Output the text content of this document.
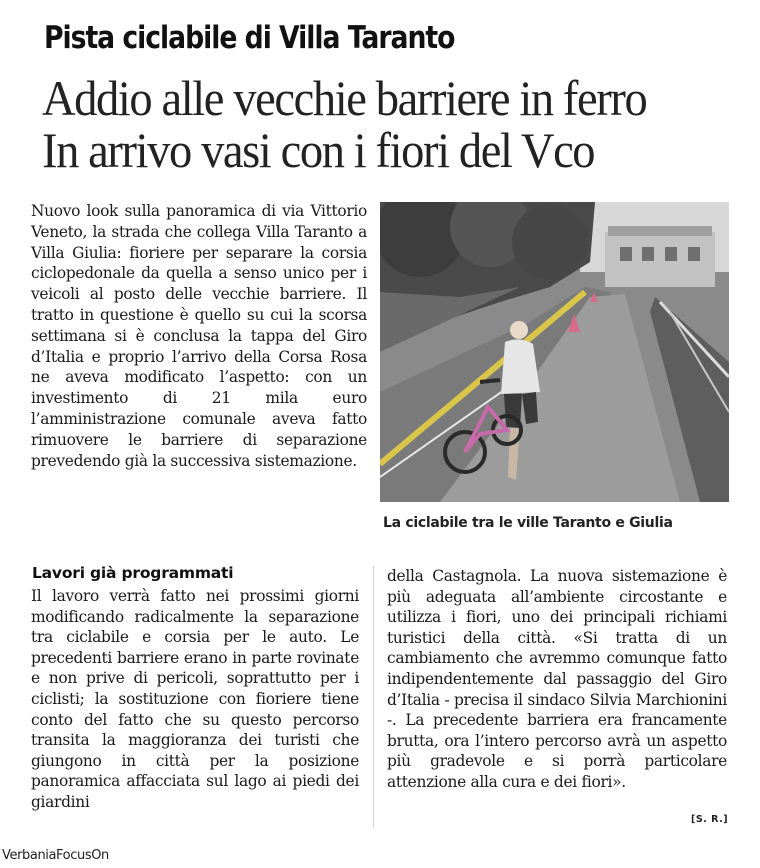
Pista ciclabile di Villa Taranto
Addio alle vecchie barriere in ferro
In arrivo vasi con i fiori del Vco

Nuovo look sulla panoramica di via Vittorio Veneto, la strada che collega Villa Taranto a Villa Giulia: fioriere per separare la corsia ciclopedonale da quella a senso unico per i veicoli al posto delle vecchie barriere. Il tratto in questione è quello su cui la scorsa settimana si è conclusa la tappa del Giro d’Italia e proprio l’arrivo della Corsa Rosa ne aveva modificato l’aspetto: con un investimento di 21 mila euro l’amministrazione comunale aveva fatto rimuovere le barriere di separazione prevedendo già la successiva sistemazione.

La ciclabile tra le ville Taranto e Giulia
Lavori già programmati

Il lavoro verrà fatto nei prossimi giorni modificando radicalmente la separazione tra ciclabile e corsia per le auto. Le precedenti barriere erano in parte rovinate e non prive di pericoli, soprattutto per i ciclisti; la sostituzione con fioriere tiene conto del fatto che su questo percorso transita la maggioranza dei turisti che giungono in città per la posizione panoramica affacciata sul lago ai piedi dei giardini

della Castagnola. La nuova sistemazione è più adeguata all’ambiente circostante e utilizza i fiori, uno dei principali richiami turistici della città. «Si tratta di un cambiamento che avremmo comunque fatto indipendentemente dal passaggio del Giro d’Italia - precisa il sindaco Silvia Marchionini -. La precedente barriera era francamente brutta, ora l’intero percorso avrà un aspetto più gradevole e si porrà particolare attenzione alla cura e dei fiori».

[S. R.]
VerbaniaFocusOn
